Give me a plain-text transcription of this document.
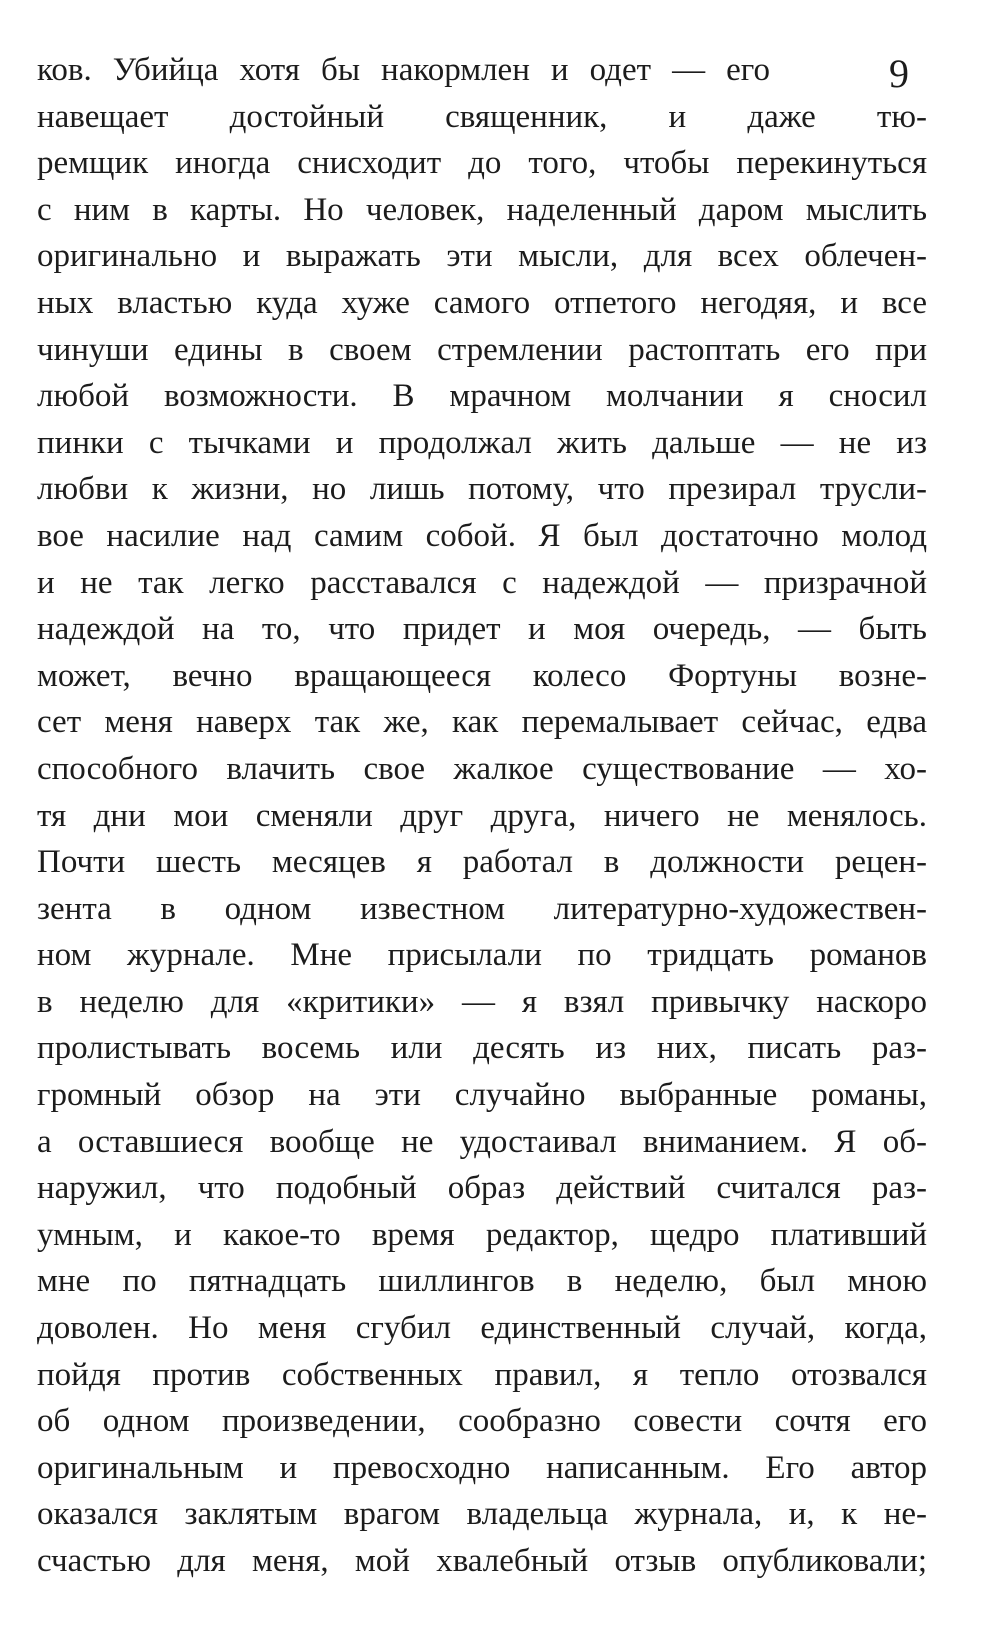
9
ков. Убийца хотя бы накормлен и одет — его
навещает достойный священник, и даже тю-
ремщик иногда снисходит до того, чтобы перекинуться
с ним в карты. Но человек, наделенный даром мыслить
оригинально и выражать эти мысли, для всех облечен-
ных властью куда хуже самого отпетого негодяя, и все
чинуши едины в своем стремлении растоптать его при
любой возможности. В мрачном молчании я сносил
пинки с тычками и продолжал жить дальше — не из
любви к жизни, но лишь потому, что презирал трусли-
вое насилие над самим собой. Я был достаточно молод
и не так легко расставался с надеждой — призрачной
надеждой на то, что придет и моя очередь, — быть
может, вечно вращающееся колесо Фортуны возне-
сет меня наверх так же, как перемалывает сейчас, едва
способного влачить свое жалкое существование — хо-
тя дни мои сменяли друг друга, ничего не менялось.
Почти шесть месяцев я работал в должности рецен-
зента в одном известном литературно-художествен-
ном журнале. Мне присылали по тридцать романов
в неделю для «критики» — я взял привычку наскоро
пролистывать восемь или десять из них, писать раз-
громный обзор на эти случайно выбранные романы,
а оставшиеся вообще не удостаивал вниманием. Я об-
наружил, что подобный образ действий считался раз-
умным, и какое-то время редактор, щедро плативший
мне по пятнадцать шиллингов в неделю, был мною
доволен. Но меня сгубил единственный случай, когда,
пойдя против собственных правил, я тепло отозвался
об одном произведении, сообразно совести сочтя его
оригинальным и превосходно написанным. Его автор
оказался заклятым врагом владельца журнала, и, к не-
счастью для меня, мой хвалебный отзыв опубликовали;
